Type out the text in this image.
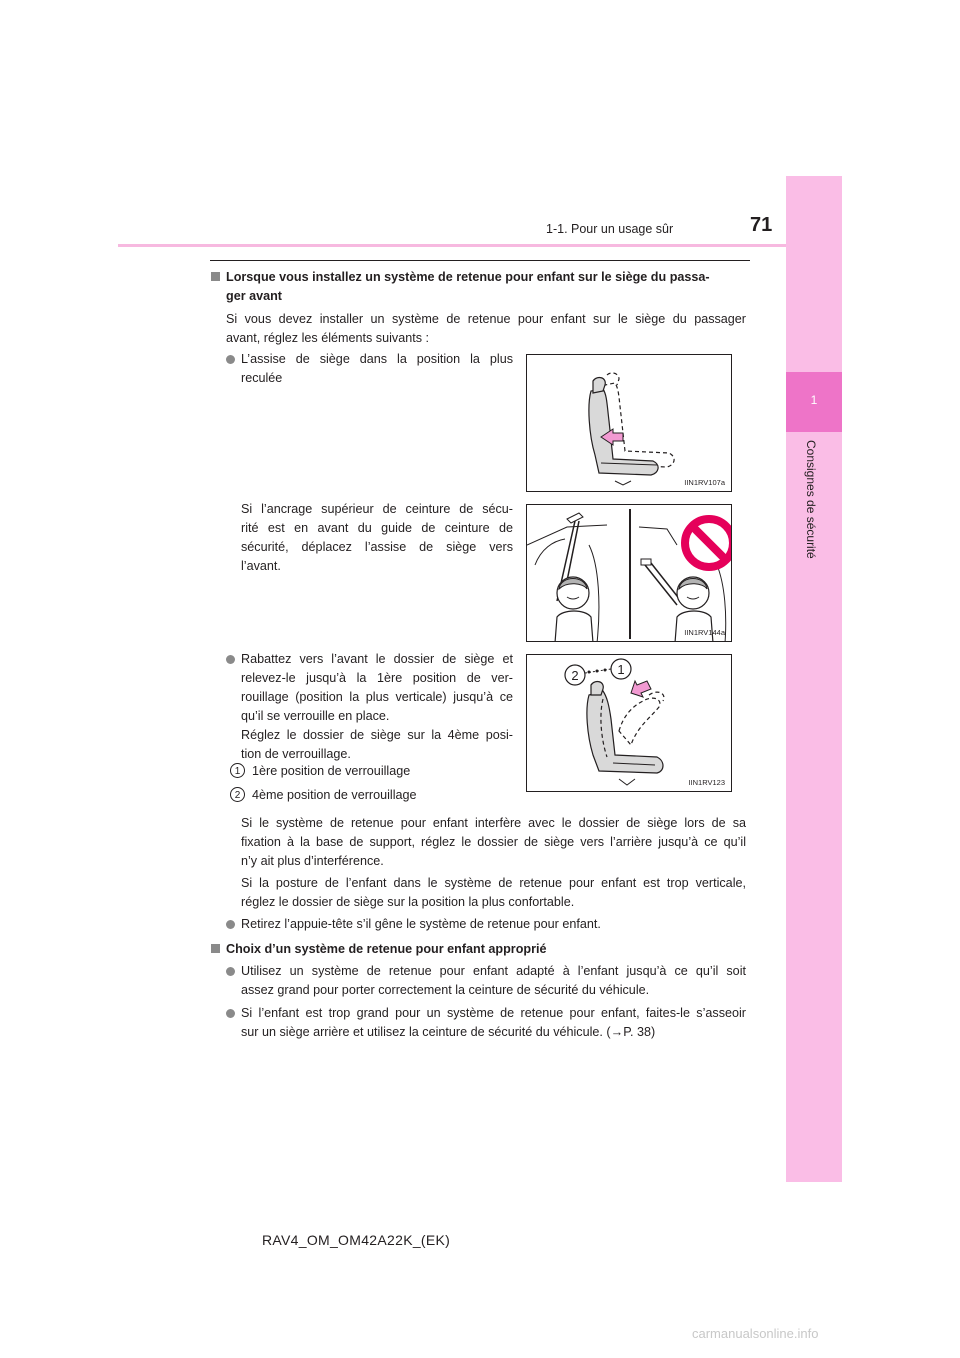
1
Consignes de sécurité
1-1. Pour un usage sûr	71
Lorsque vous installez un système de retenue pour enfant sur le siège du passa-
ger avant
Si vous devez installer un système de retenue pour enfant sur le siège du passager
avant, réglez les éléments suivants :
L’assise de siège dans la position la plus
reculée
IIN1RV107a
Si l’ancrage supérieur de ceinture de sécu-
rité est en avant du guide de ceinture de
sécurité, déplacez l’assise de siège vers
l’avant.
IIN1RV144a
Rabattez vers l’avant le dossier de siège et
relevez-le jusqu’à la 1ère position de ver-
rouillage (position la plus verticale) jusqu’à ce
qu’il se verrouille en place.
Réglez le dossier de siège sur la 4ème posi-
tion de verrouillage.
1 1ère position de verrouillage
2 4ème position de verrouillage
2	1
IIN1RV123
Si le système de retenue pour enfant interfère avec le dossier de siège lors de sa
fixation à la base de support, réglez le dossier de siège vers l’arrière jusqu’à ce qu’il
n’y ait plus d’interférence.
Si la posture de l’enfant dans le système de retenue pour enfant est trop verticale,
réglez le dossier de siège sur la position la plus confortable.
Retirez l’appuie-tête s’il gêne le système de retenue pour enfant.
Choix d’un système de retenue pour enfant approprié
Utilisez un système de retenue pour enfant adapté à l’enfant jusqu’à ce qu’il soit
assez grand pour porter correctement la ceinture de sécurité du véhicule.
Si l’enfant est trop grand pour un système de retenue pour enfant, faites-le s’asseoir
sur un siège arrière et utilisez la ceinture de sécurité du véhicule. (→P. 38)
RAV4_OM_OM42A22K_(EK)
carmanualsonline.info
